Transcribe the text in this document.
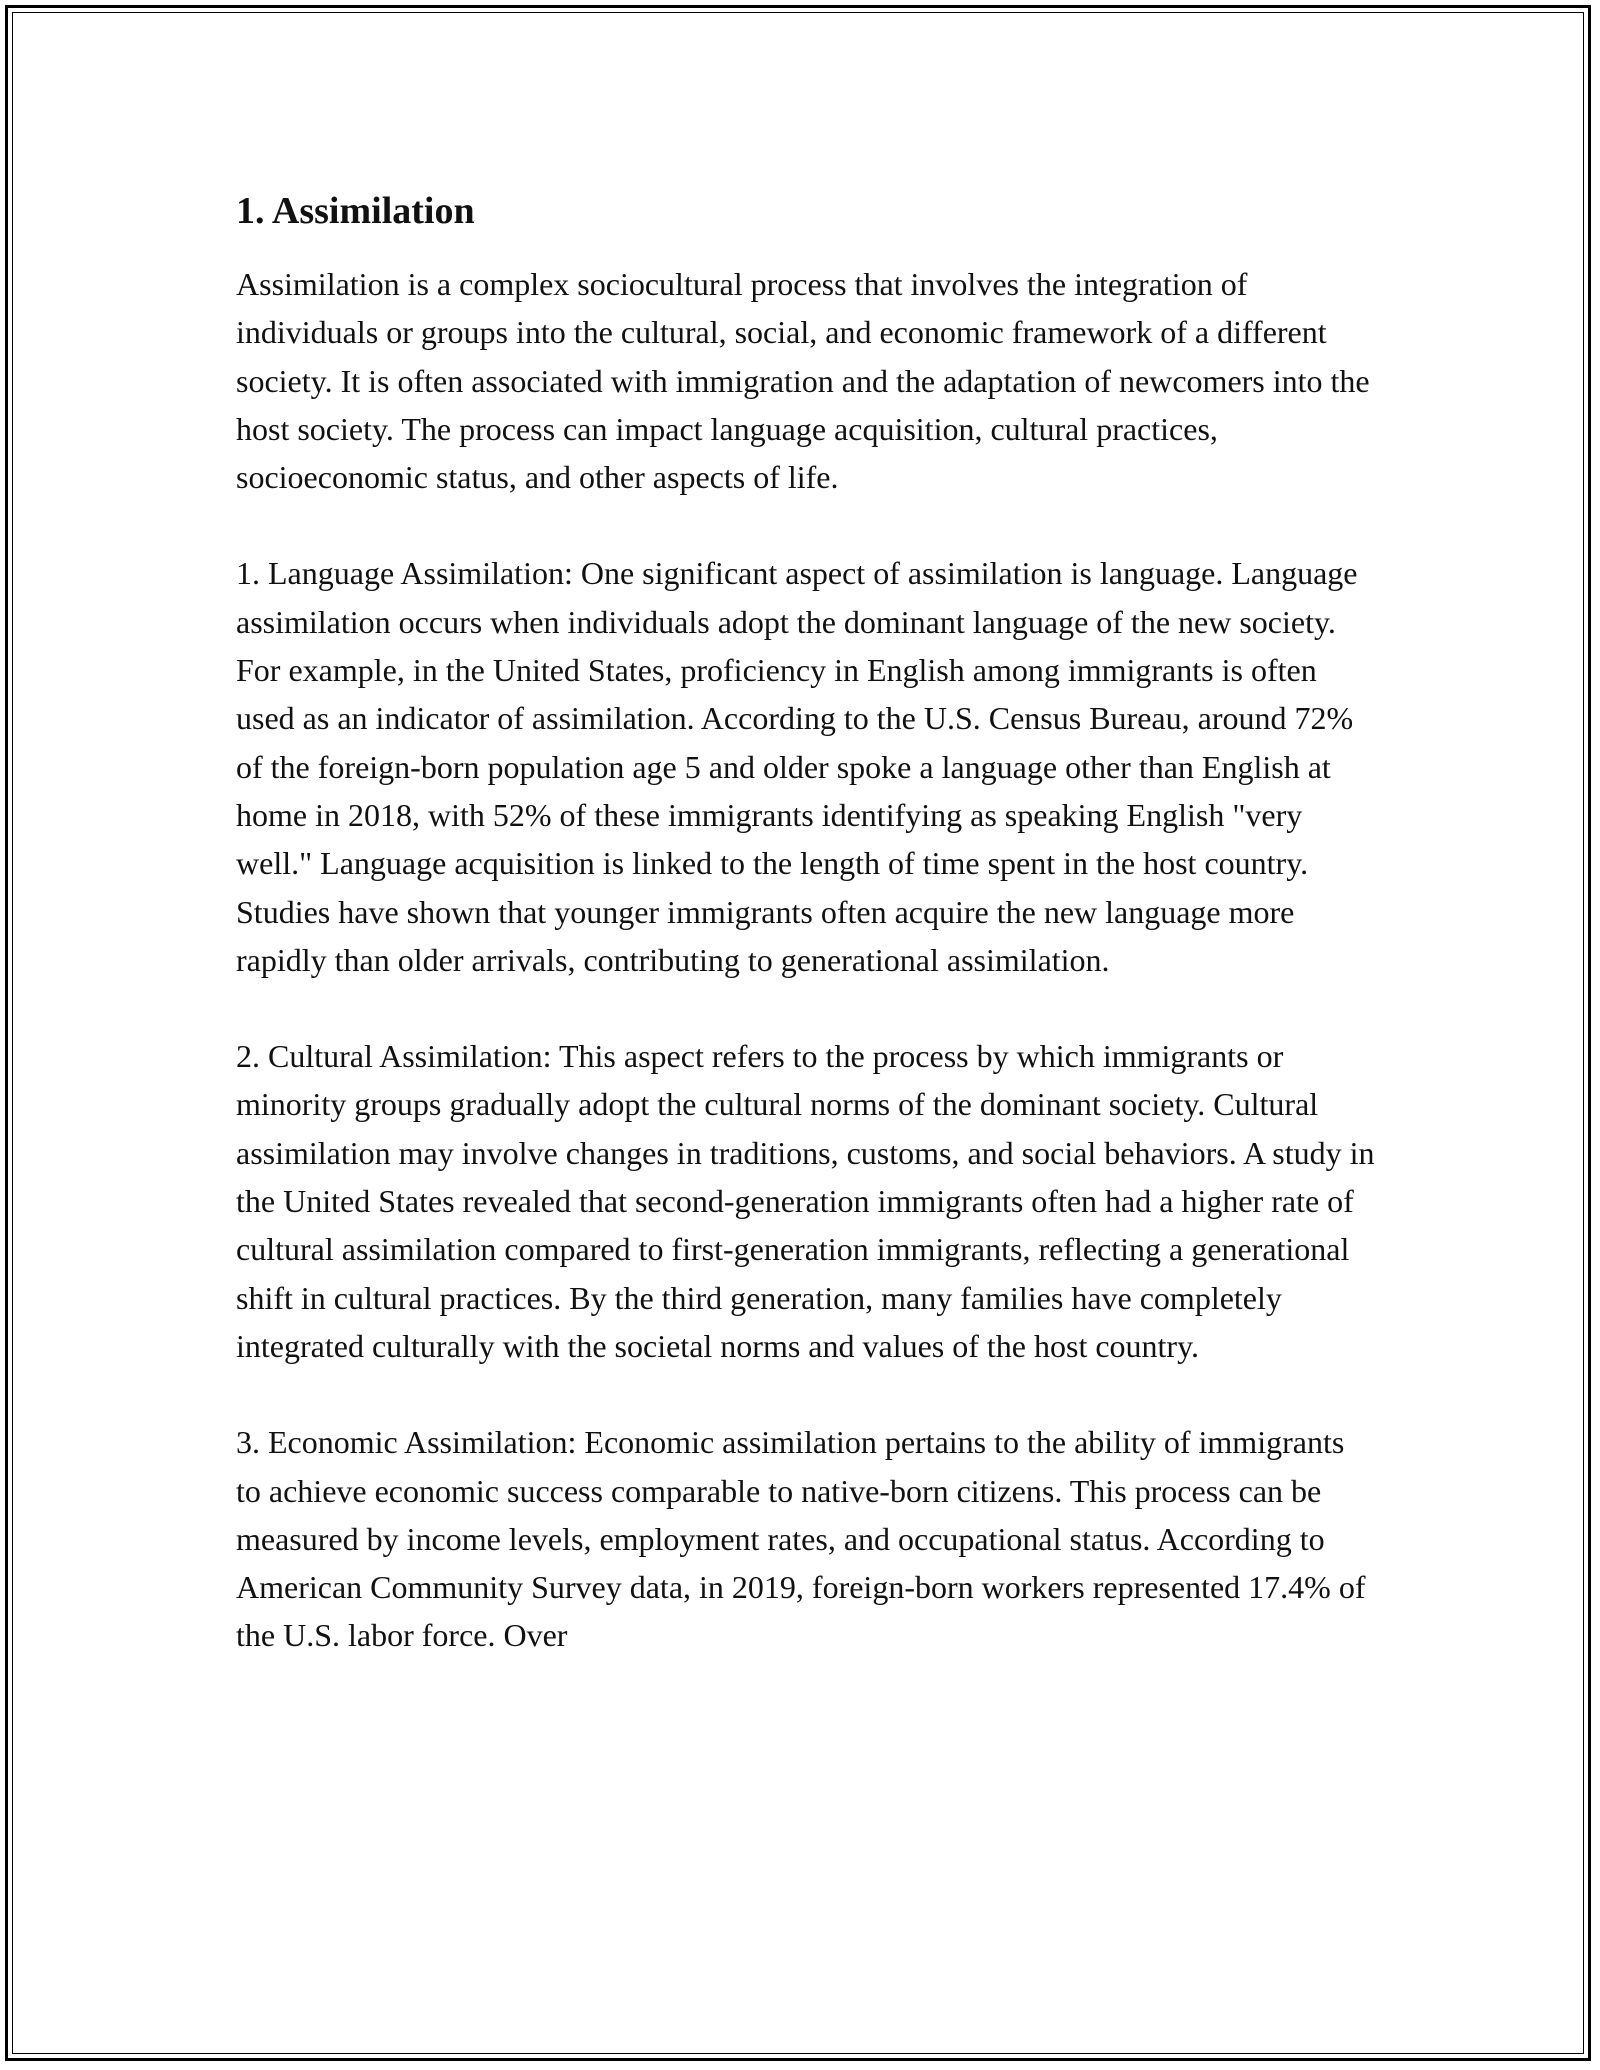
1. Assimilation

Assimilation is a complex sociocultural process that involves the integration of individuals or groups into the cultural, social, and economic framework of a different society. It is often associated with immigration and the adaptation of newcomers into the host society. The process can impact language acquisition, cultural practices, socioeconomic status, and other aspects of life.

1. Language Assimilation: One significant aspect of assimilation is language. Language assimilation occurs when individuals adopt the dominant language of the new society. For example, in the United States, proficiency in English among immigrants is often used as an indicator of assimilation. According to the U.S. Census Bureau, around 72% of the foreign-born population age 5 and older spoke a language other than English at home in 2018, with 52% of these immigrants identifying as speaking English "very well." Language acquisition is linked to the length of time spent in the host country. Studies have shown that younger immigrants often acquire the new language more rapidly than older arrivals, contributing to generational assimilation.

2. Cultural Assimilation: This aspect refers to the process by which immigrants or minority groups gradually adopt the cultural norms of the dominant society. Cultural assimilation may involve changes in traditions, customs, and social behaviors. A study in the United States revealed that second-generation immigrants often had a higher rate of cultural assimilation compared to first-generation immigrants, reflecting a generational shift in cultural practices. By the third generation, many families have completely integrated culturally with the societal norms and values of the host country.

3. Economic Assimilation: Economic assimilation pertains to the ability of immigrants to achieve economic success comparable to native-born citizens. This process can be measured by income levels, employment rates, and occupational status. According to American Community Survey data, in 2019, foreign-born workers represented 17.4% of the U.S. labor force. Over
